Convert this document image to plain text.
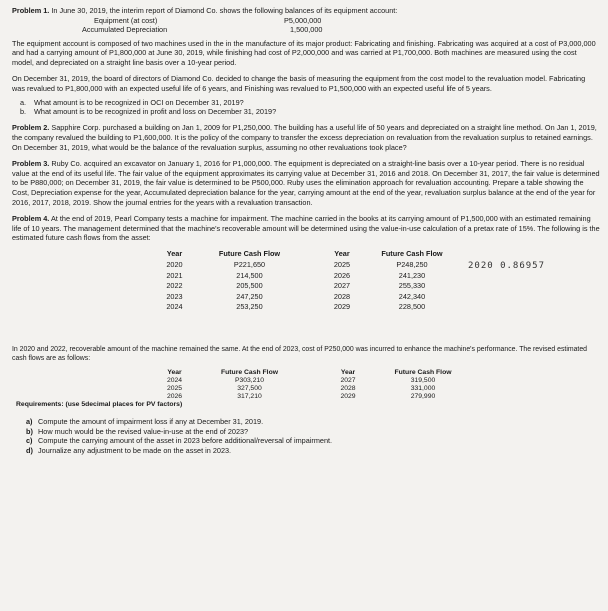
Problem 1. In June 30, 2019, the interim report of Diamond Co. shows the following balances of its equipment account:

Equipment (at cost)	P5,000,000
Accumulated Depreciation	1,500,000

The equipment account is composed of two machines used in the in the manufacture of its major product: Fabricating and finishing. Fabricating was acquired at a cost of P3,000,000 and had a carrying amount of P1,800,000 at June 30, 2019, while finishing had cost of P2,000,000 and was carried at P1,700,000. Both machines are measured using the cost model, and depreciated on a straight line basis over a 10-year period.

On December 31, 2019, the board of directors of Diamond Co. decided to change the basis of measuring the equipment from the cost model to the revaluation model. Fabricating was revalued to P1,800,000 with an expected useful life of 6 years, and Finishing was revalued to P1,500,000 with an expected useful life of 5 years.

a.	What amount is to be recognized in OCI on December 31, 2019?
b.	What amount is to be recognized in profit and loss on December 31, 2019?

Problem 2. Sapphire Corp. purchased a building on Jan 1, 2009 for P1,250,000. The building has a useful life of 50 years and depreciated on a straight line method. On Jan 1, 2019, the company revalued the building to P1,600,000. It is the policy of the company to transfer the excess depreciation on revaluation from the revaluation surplus to retained earnings. On December 31, 2019, what would be the balance of the revaluation surplus, assuming no other revaluations took place?

Problem 3. Ruby Co. acquired an excavator on January 1, 2016 for P1,000,000. The equipment is depreciated on a straight-line basis over a 10-year period. There is no residual value at the end of its useful life. The fair value of the equipment approximates its carrying value at December 31, 2016 and 2018. On December 31, 2017, the fair value is determined to be P880,000; on December 31, 2019, the fair value is determined to be P500,000. Ruby uses the elimination approach for revaluation accounting. Prepare a table showing the Cost, Depreciation expense for the year, Accumulated depreciation balance for the year, carrying amount at the end of the year, revaluation surplus balance at the end of the year for 2016, 2017, 2018, 2019. Show the journal entries for the years with a revaluation transaction.

Problem 4. At the end of 2019, Pearl Company tests a machine for impairment. The machine carried in the books at its carrying amount of P1,500,000 with an estimated remaining life of 10 years. The management determined that the machine's recoverable amount will be determined using the value-in-use calculation of a pretax rate of 15%. The following is the estimated future cash flows from the asset:

Year	Future Cash Flow
2020	P221,650
2021	214,500
2022	205,500
2023	247,250
2024	253,250
Year	Future Cash Flow
2025	P248,250
2026	241,230
2027	255,330
2028	242,340
2029	228,500
2020 0.86957

In 2020 and 2022, recoverable amount of the machine remained the same. At the end of 2023, cost of P250,000 was incurred to enhance the machine's performance. The revised estimated cash flows are as follows:

Year	Future Cash Flow
2024	P303,210
2025	327,500
2026	317,210
Year	Future Cash Flow
2027	319,500
2028	331,000
2029	279,990

Requirements: (use 5decimal places for PV factors)

a) Compute the amount of impairment loss if any at December 31, 2019.
b) How much would be the revised value-in-use at the end of 2023?
c) Compute the carrying amount of the asset in 2023 before additional/reversal of impairment.
d) Journalize any adjustment to be made on the asset in 2023.
